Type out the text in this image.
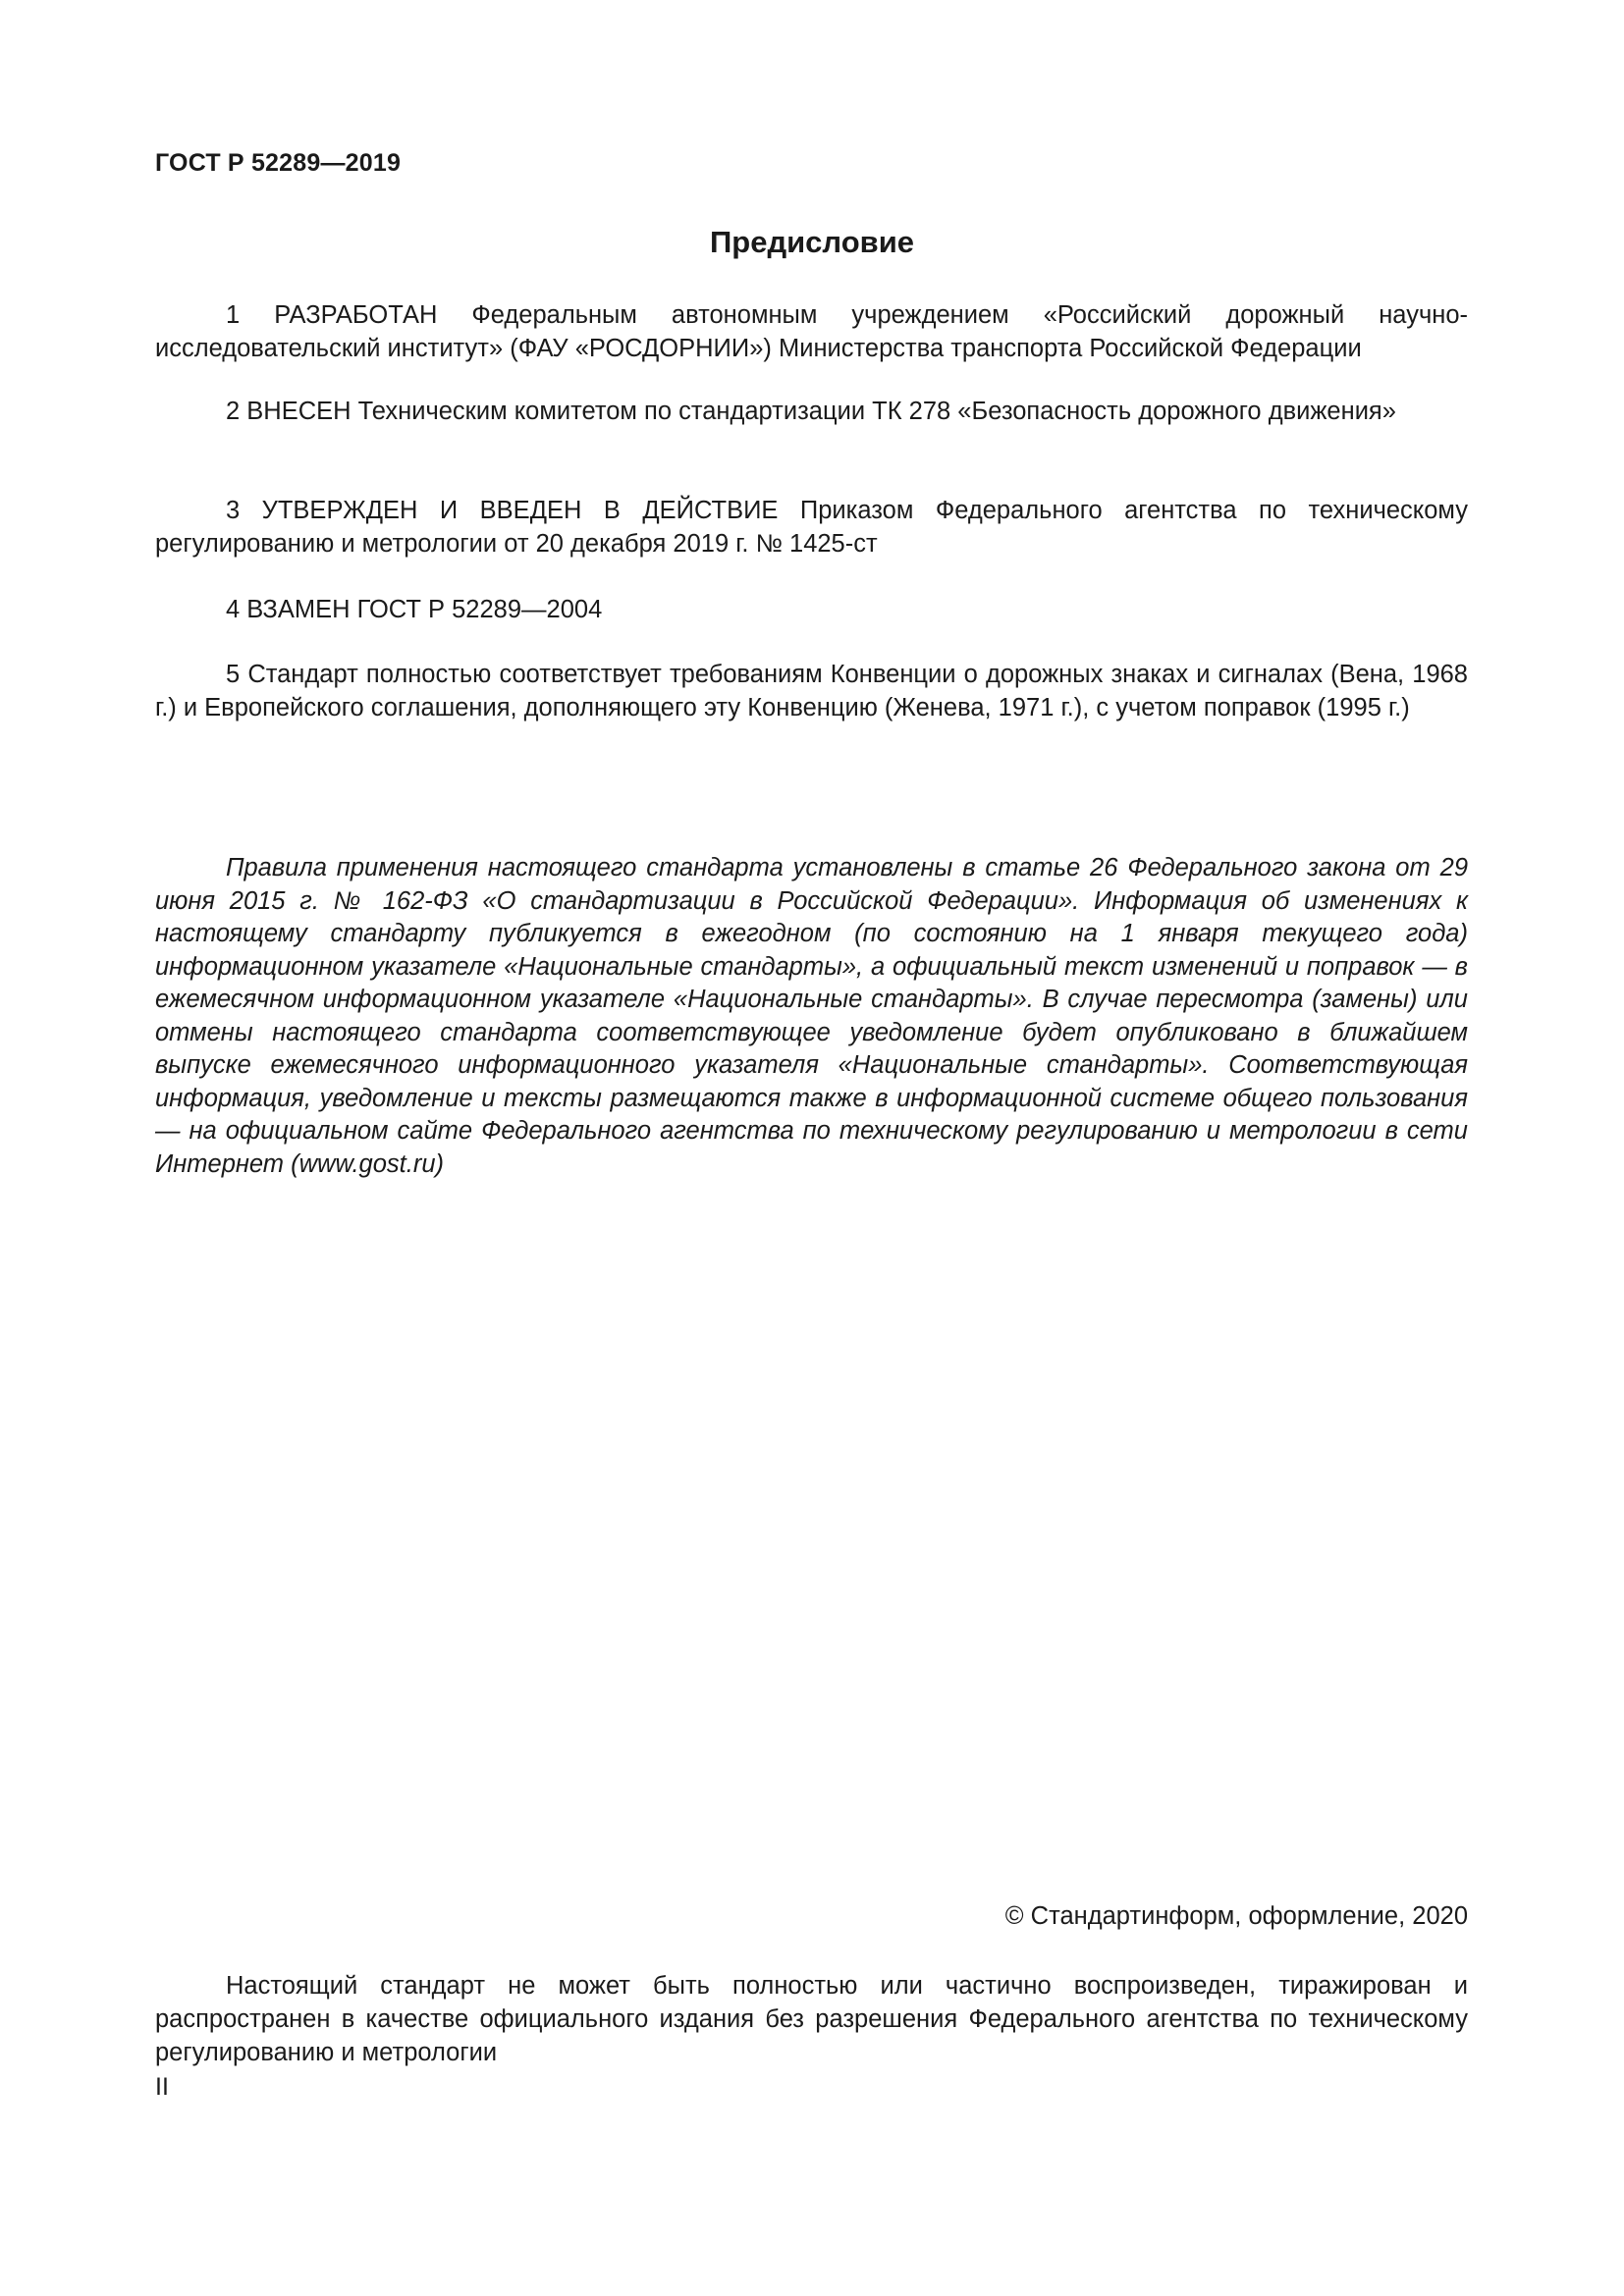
ГОСТ Р 52289—2019
Предисловие

1 РАЗРАБОТАН Федеральным автономным учреждением «Российский дорожный научно-исследовательский институт» (ФАУ «РОСДОРНИИ») Министерства транспорта Российской Федерации

2 ВНЕСЕН Техническим комитетом по стандартизации ТК 278 «Безопасность дорожного движения»

3 УТВЕРЖДЕН И ВВЕДЕН В ДЕЙСТВИЕ Приказом Федерального агентства по техническому регулированию и метрологии от 20 декабря 2019 г. № 1425-ст

4 ВЗАМЕН ГОСТ Р 52289—2004

5 Стандарт полностью соответствует требованиям Конвенции о дорожных знаках и сигналах (Вена, 1968 г.) и Европейского соглашения, дополняющего эту Конвенцию (Женева, 1971 г.), с учетом поправок (1995 г.)

Правила применения настоящего стандарта установлены в статье 26 Федерального закона от 29 июня 2015 г. № 162-ФЗ «О стандартизации в Российской Федерации». Информация об изменениях к настоящему стандарту публикуется в ежегодном (по состоянию на 1 января текущего года) информационном указателе «Национальные стандарты», а официальный текст изменений и поправок — в ежемесячном информационном указателе «Национальные стандарты». В случае пересмотра (замены) или отмены настоящего стандарта соответствующее уведомление будет опубликовано в ближайшем выпуске ежемесячного информационного указателя «Национальные стандарты». Соответствующая информация, уведомление и тексты размещаются также в информационной системе общего пользования — на официальном сайте Федерального агентства по техническому регулированию и метрологии в сети Интернет (www.gost.ru)

© Стандартинформ, оформление, 2020

Настоящий стандарт не может быть полностью или частично воспроизведен, тиражирован и распространен в качестве официального издания без разрешения Федерального агентства по техническому регулированию и метрологии

II
